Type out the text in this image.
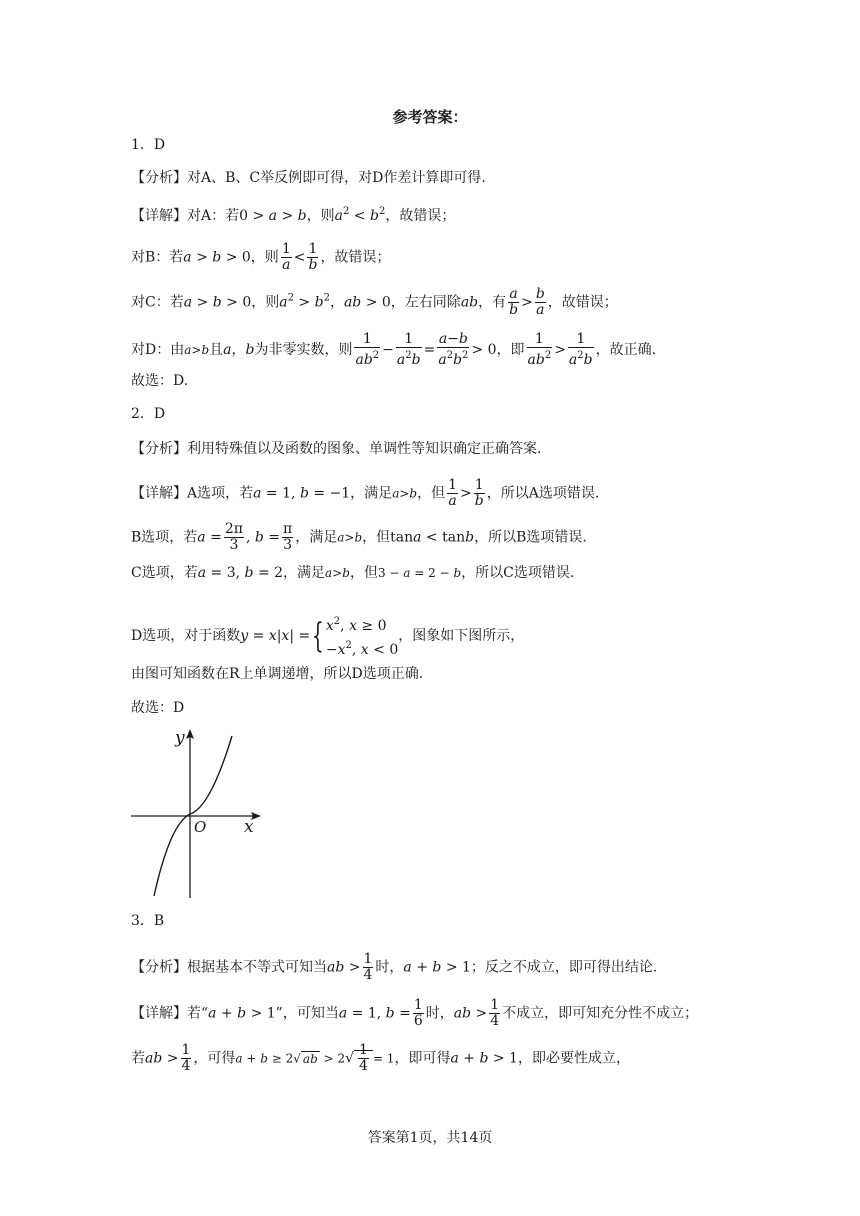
参考答案：
1．D
【分析】对A、B、C举反例即可得，对D作差计算即可得.
【详解】对A：若0 > a > b，则$a^2 < b^2$，故错误；
对B：若a > b > 0，则 $\frac{1}{a} < \frac{1}{b}$ ，故错误；
对C：若a > b > 0，则$a^2 > b^2$，ab > 0，左右同除ab，有 $\frac{a}{b} > \frac{b}{a}$ ，故错误；
对D：由a>b且a，b为非零实数，则 $\frac{1}{ab^2} - \frac{1}{a^2b} = \frac{a-b}{a^2b^2} > 0$，即 $\frac{1}{ab^2} > \frac{1}{a^2b}$ ，故正确.
故选：D.
2．D
【分析】利用特殊值以及函数的图象、单调性等知识确定正确答案.
【详解】A选项，若a = 1, b = −1，满足a>b，但 $\frac{1}{a} > \frac{1}{b}$ ，所以A选项错误.
B选项，若$a = \frac{2\pi}{3}$ , $b = \frac{\pi}{3}$ ，满足a>b，但tana < tanb，所以B选项错误.
C选项，若a = 3, b = 2，满足a>b，但3 − a = 2 − b，所以C选项错误.
D选项，对于函数y = x|x| ={ $x^2$, x ≥ 0
$-x^2$, x < 0
，图象如下图所示，
由图可知函数在R上单调递增，所以D选项正确.
故选：D
y
x
O
3．B
【分析】根据基本不等式可知当ab > $\frac{1}{4}$ 时，a + b > 1；反之不成立，即可得出结论.
【详解】若“a + b > 1”，可知当a = 1, $b = \frac{1}{6}$ 时，ab > $\frac{1}{4}$ 不成立，即可知充分性不成立；
若ab > $\frac{1}{4}$ ，可得a + b ≥ 2√ ab > $2√ \frac{1}{4} = 1$，即可得a + b > 1，即必要性成立，
答案第1页，共14页
